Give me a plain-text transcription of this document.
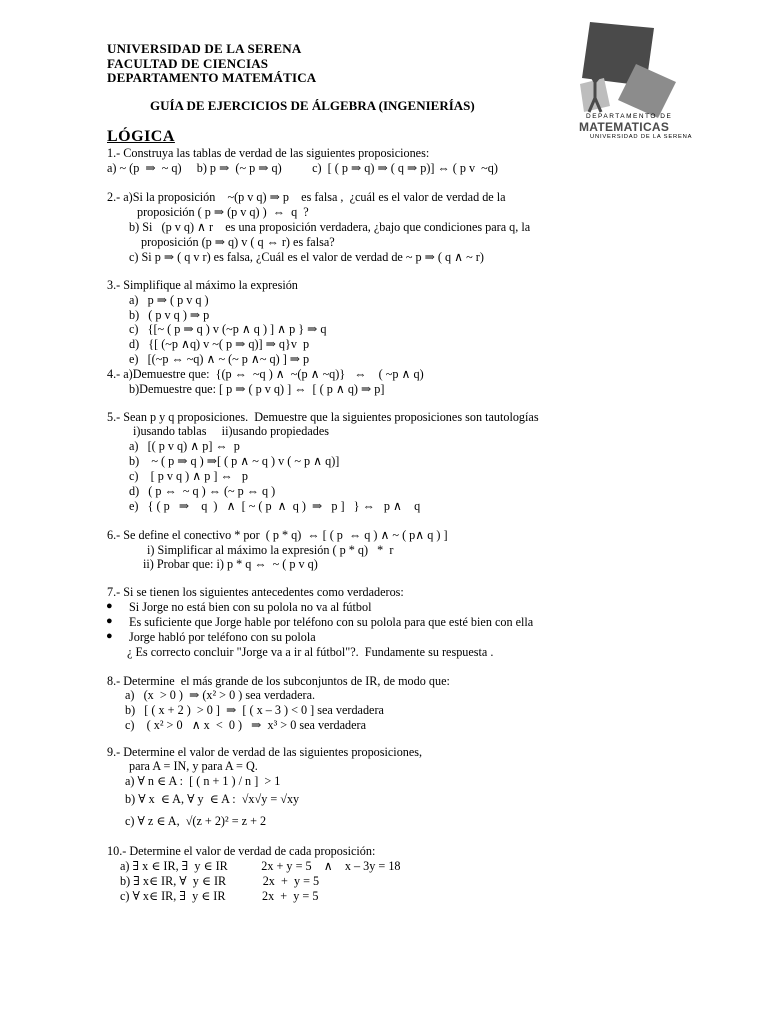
UNIVERSIDAD DE LA SERENA
FACULTAD DE CIENCIAS
DEPARTAMENTO MATEMÁTICA
GUÍA DE EJERCICIOS DE ÁLGEBRA (INGENIERÍAS)
DEPARTAMENTO DE
MATEMATICAS
UNIVERSIDAD DE LA SERENA
LÓGICA
1.- Construya las tablas de verdad de las siguientes proposiciones:
a) ~ (p  ⇒  ~ q)     b) p ⇒  (~ p ⇒ q)          c)  [ ( p ⇒ q) ⇒ ( q ⇒ p)] ⇔ ( p v  ~q)
2.- a)Si la proposición    ~(p v q) ⇒ p    es falsa ,  ¿cuál es el valor de verdad de la
proposición ( p ⇒ (p v q) )  ⇔  q  ?
b) Si   (p v q) ∧ r    es una proposición verdadera, ¿bajo que condiciones para q, la
proposición (p ⇒ q) v ( q ⇔ r) es falsa?
c) Si p ⇒ ( q v r) es falsa, ¿Cuál es el valor de verdad de ~ p ⇒ ( q ∧ ~ r)
3.- Simplifique al máximo la expresión
a)   p ⇒ ( p v q )
b)   ( p v q ) ⇒ p
c)   {[~ ( p ⇒ q ) v (~p ∧ q ) ] ∧ p } ⇒ q
d)   {[ (~p ∧q) v ~( p ⇒ q)] ⇒ q}v  p
e)   [(~p ⇔ ~q) ∧ ~ (~ p ∧~ q) ] ⇒ p
4.- a)Demuestre que:  {(p ⇔  ~q ) ∧  ~(p ∧ ~q)}   ⇔    ( ~p ∧ q)
b)Demuestre que: [ p ⇒ ( p v q) ] ⇔  [ ( p ∧ q) ⇒ p]
5.- Sean p y q proposiciones.  Demuestre que la siguientes proposiciones son tautologías
i)usando tablas     ii)usando propiedades
a)   [( p v q) ∧ p] ⇔  p
b)    ~ ( p ⇒ q ) ⇒[ ( p ∧ ~ q ) v ( ~ p ∧ q)]
c)    [ p v q ) ∧ p ] ⇔   p
d)   ( p ⇔  ~ q ) ⇔ (~ p ⇔ q )
e)   { ( p   ⇒    q  )   ∧  [ ~ ( p  ∧  q )  ⇒   p ]   } ⇔   p ∧    q
6.- Se define el conectivo * por  ( p * q)  ⇔ [ ( p  ⇔ q ) ∧ ~ ( p∧ q ) ]
i) Simplificar al máximo la expresión ( p * q)   *  r
ii) Probar que: i) p * q ⇔  ~ ( p v q)
7.- Si se tienen los siguientes antecedentes como verdaderos:
● Si Jorge no está bien con su polola no va al fútbol
● Es suficiente que Jorge hable por teléfono con su polola para que esté bien con ella
● Jorge habló por teléfono con su polola
¿ Es correcto concluir "Jorge va a ir al fútbol"?.  Fundamente su respuesta .
8.- Determine  el más grande de los subconjuntos de IR, de modo que:
a)   (x  > 0 )  ⇒ (x² > 0 ) sea verdadera.
b)   [ ( x + 2 )  > 0 ]  ⇒  [ ( x – 3 ) < 0 ] sea verdadera
c)    ( x² > 0   ∧ x  <  0 )   ⇒  x³ > 0 sea verdadera
9.- Determine el valor de verdad de las siguientes proposiciones,
para A = IN, y para A = Q.
a) ∀ n ∈ A :  [ ( n + 1 ) / n ]  > 1
b) ∀ x  ∈ A, ∀ y  ∈ A :  √x√y = √xy
c) ∀ z ∈ A,  √(z + 2)² = z + 2
10.- Determine el valor de verdad de cada proposición:
a) ∃ x ∈ IR, ∃  y ∈ IR           2x + y = 5    ∧    x – 3y = 18
b) ∃ x∈ IR, ∀  y ∈ IR            2x  +  y = 5
c) ∀ x∈ IR, ∃  y ∈ IR            2x  +  y = 5
